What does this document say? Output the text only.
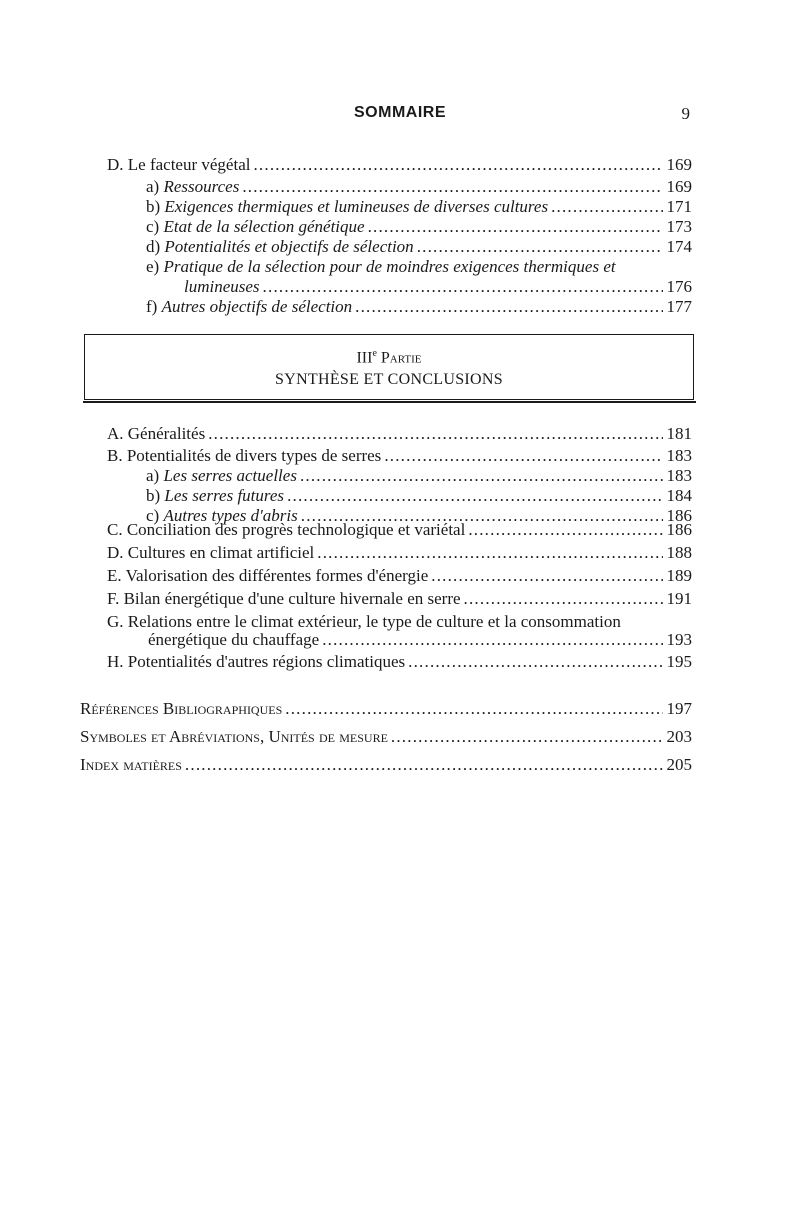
SOMMAIRE	9
D. Le facteur végétal .....	169
a) Ressources .....	169
b) Exigences thermiques et lumineuses de diverses cultures .....	171
c) Etat de la sélection génétique .....	173
d) Potentialités et objectifs de sélection .....	174
e) Pratique de la sélection pour de moindres exigences thermiques et
lumineuses .....	176
f) Autres objectifs de sélection .....	177
IIIe Partie
SYNTHÈSE ET CONCLUSIONS
A. Généralités .....	181
B. Potentialités de divers types de serres .....	183
a) Les serres actuelles .....	183
b) Les serres futures .....	184
c) Autres types d'abris .....	186
C. Conciliation des progrès technologique et variétal .....	186
D. Cultures en climat artificiel .....	188
E. Valorisation des différentes formes d'énergie .....	189
F. Bilan énergétique d'une culture hivernale en serre .....	191
G. Relations entre le climat extérieur, le type de culture et la consommation
énergétique du chauffage .....	193
H. Potentialités d'autres régions climatiques .....	195
Références Bibliographiques .....	197
Symboles et Abréviations, Unités de mesure .....	203
Index matières .....	205
